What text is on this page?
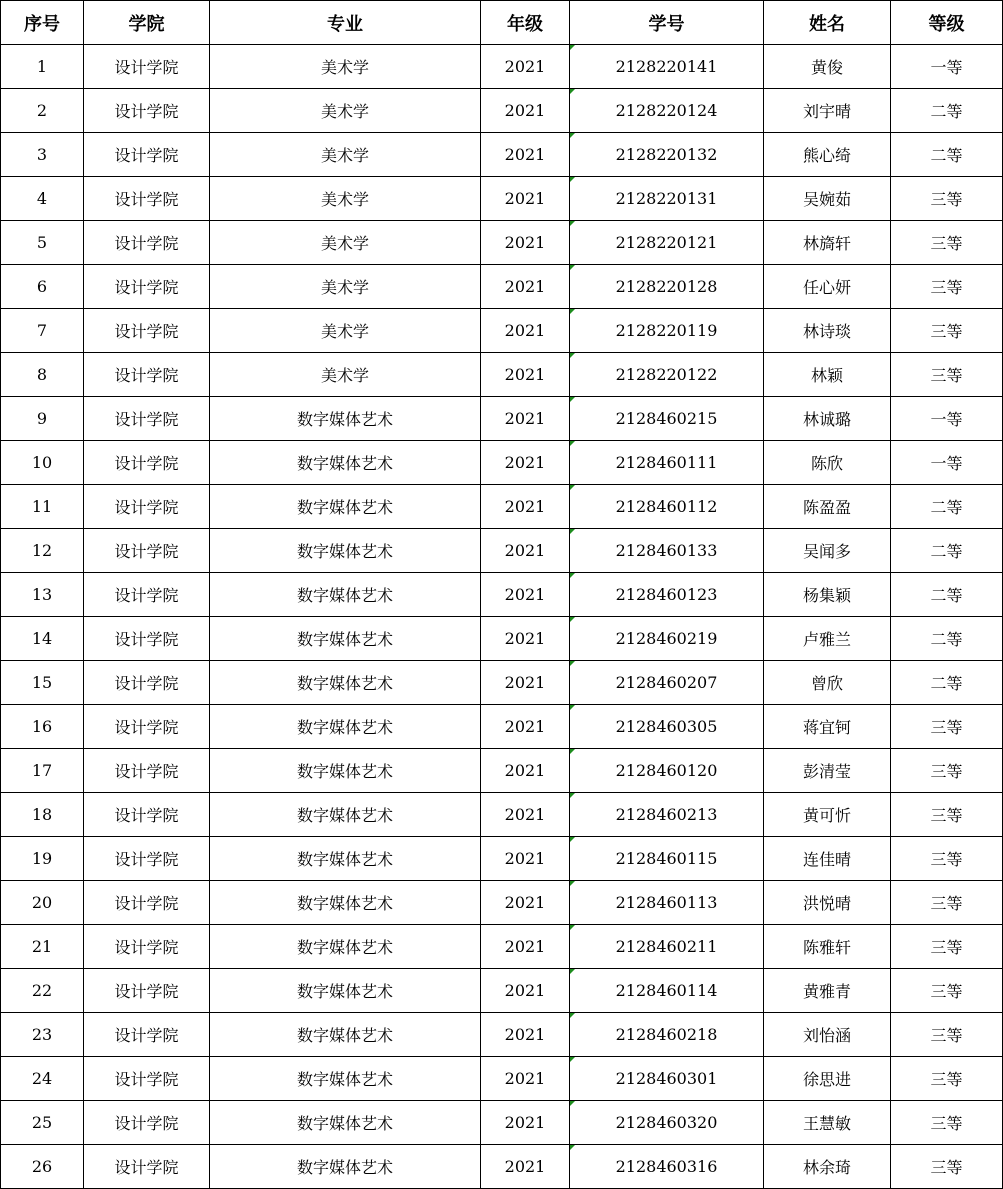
序号	学院	专业	年级	学号	姓名	等级
1	设计学院	美术学	2021	2128220141	黄俊	一等
2	设计学院	美术学	2021	2128220124	刘宇晴	二等
3	设计学院	美术学	2021	2128220132	熊心绮	二等
4	设计学院	美术学	2021	2128220131	吴婉茹	三等
5	设计学院	美术学	2021	2128220121	林旖轩	三等
6	设计学院	美术学	2021	2128220128	任心妍	三等
7	设计学院	美术学	2021	2128220119	林诗琰	三等
8	设计学院	美术学	2021	2128220122	林颖	三等
9	设计学院	数字媒体艺术	2021	2128460215	林诚璐	一等
10	设计学院	数字媒体艺术	2021	2128460111	陈欣	一等
11	设计学院	数字媒体艺术	2021	2128460112	陈盈盈	二等
12	设计学院	数字媒体艺术	2021	2128460133	吴闻多	二等
13	设计学院	数字媒体艺术	2021	2128460123	杨集颖	二等
14	设计学院	数字媒体艺术	2021	2128460219	卢雅兰	二等
15	设计学院	数字媒体艺术	2021	2128460207	曾欣	二等
16	设计学院	数字媒体艺术	2021	2128460305	蒋宜钶	三等
17	设计学院	数字媒体艺术	2021	2128460120	彭清莹	三等
18	设计学院	数字媒体艺术	2021	2128460213	黄可忻	三等
19	设计学院	数字媒体艺术	2021	2128460115	连佳晴	三等
20	设计学院	数字媒体艺术	2021	2128460113	洪悦晴	三等
21	设计学院	数字媒体艺术	2021	2128460211	陈雅轩	三等
22	设计学院	数字媒体艺术	2021	2128460114	黄雅青	三等
23	设计学院	数字媒体艺术	2021	2128460218	刘怡涵	三等
24	设计学院	数字媒体艺术	2021	2128460301	徐思进	三等
25	设计学院	数字媒体艺术	2021	2128460320	王慧敏	三等
26	设计学院	数字媒体艺术	2021	2128460316	林余琦	三等
